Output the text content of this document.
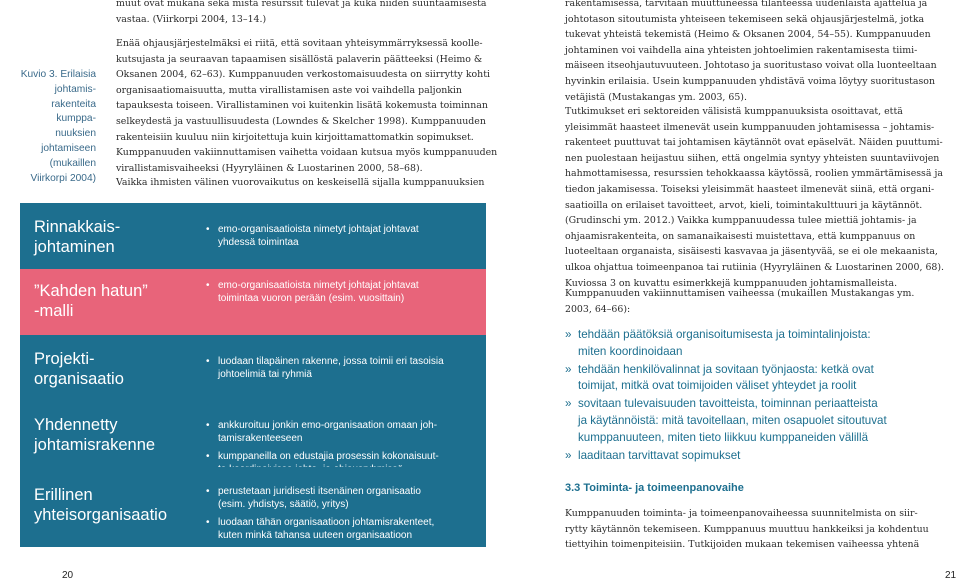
Kuvio 3. Erilaisia
johtamis-
rakenteita
kumppa-
nuuksien
johtamiseen
(mukaillen
Viirkorpi 2004)
muut ovat mukana sekä mistä resurssit tulevat ja kuka niiden suuntaamisesta
vastaa. (Viirkorpi 2004, 13–14.)
Enää ohjausjärjestelmäksi ei riitä, että sovitaan yhteisymmärryksessä koolle-
kutsujasta ja seuraavan tapaamisen sisällöstä palaverin päätteeksi (Heimo &
Oksanen 2004, 62–63). Kumppanuuden verkostomaisuudesta on siirrytty kohti
organisaatiomaisuutta, mutta virallistamisen aste voi vaihdella paljonkin
tapauksesta toiseen. Virallistaminen voi kuitenkin lisätä kokemusta toiminnan
selkeydestä ja vastuullisuudesta (Lowndes & Skelcher 1998). Kumppanuuden
rakenteisiin kuuluu niin kirjoitettuja kuin kirjoittamattomatkin sopimukset.
Kumppanuuden vakiinnuttamisen vaihetta voidaan kutsua myös kumppanuuden
virallistamisvaiheeksi (Hyyryläinen & Luostarinen 2000, 58–68).
Vaikka ihmisten välinen vuorovaikutus on keskeisellä sijalla kumppanuuksien
Rinnakkais-
johtaminen
• emo-organisaatioista nimetyt johtajat johtavat
yhdessä toimintaa
”Kahden hatun”
-malli
• emo-organisaatioista nimetyt johtajat johtavat
toimintaa vuoron perään (esim. vuosittain)
Projekti-
organisaatio
• luodaan tilapäinen rakenne, jossa toimii eri tasoisia
johtoelimiä tai ryhmiä
Yhdennetty
johtamisrakenne
• ankkuroituu jonkin emo-organisaation omaan joh-
tamisrakenteeseen
• kumppaneilla on edustajia prosessin kokonaisuut-
Erillinen
yhteisorganisaatio
• perustetaan juridisesti itsenäinen organisaatio
(esim. yhdistys, säätiö, yritys)
• luodaan tähän organisaatioon johtamisrakenteet,
kuten minkä tahansa uuteen organisaatioon
rakentamisessa, tarvitaan muuttuneessa tilanteessa uudenlaista ajattelua ja
johtotason sitoutumista yhteiseen tekemiseen sekä ohjausjärjestelmä, jotka
tukevat yhteistä tekemistä (Heimo & Oksanen 2004, 54–55). Kumppanuuden
johtaminen voi vaihdella aina yhteisten johtoelimien rakentamisesta tiimi-
mäiseen itseohjautuvuuteen. Johtotaso ja suoritustaso voivat olla luonteeltaan
hyvinkin erilaisia. Usein kumppanuuden yhdistävä voima löytyy suoritustason
vetäjistä (Mustakangas ym. 2003, 65).
Tutkimukset eri sektoreiden välisistä kumppanuuksista osoittavat, että
yleisimmät haasteet ilmenevät usein kumppanuuden johtamisessa – johtamis-
rakenteet puuttuvat tai johtamisen käytännöt ovat epäselvät. Näiden puuttumi-
nen puolestaan heijastuu siihen, että ongelmia syntyy yhteisten suuntaviivojen
hahmottamisessa, resurssien tehokkaassa käytössä, roolien ymmärtämisessä ja
tiedon jakamisessa. Toiseksi yleisimmät haasteet ilmenevät siinä, että organi-
saatioilla on erilaiset tavoitteet, arvot, kieli, toimintakulttuuri ja käytännöt.
(Grudinschi ym. 2012.) Vaikka kumppanuudessa tulee miettiä johtamis- ja
ohjaamisrakenteita, on samanaikaisesti muistettava, että kumppanuus on
luoteeltaan organaista, sisäisesti kasvavaa ja jäsentyvää, se ei ole mekaanista,
ulkoa ohjattua toimeenpanoa tai rutiinia (Hyyryläinen & Luostarinen 2000, 68).
Kuviossa 3 on kuvattu esimerkkejä kumppanuuden johtamismalleista.
Kumppanuuden vakiinnuttamisen vaiheessa (mukaillen Mustakangas ym.
2003, 64–66):
» tehdään päätöksiä organisoitumisesta ja toimintalinjoista:
miten koordinoidaan
» tehdään henkilövalinnat ja sovitaan työnjaosta: ketkä ovat
toimijat, mitkä ovat toimijoiden väliset yhteydet ja roolit
» sovitaan tulevaisuuden tavoitteista, toiminnan periaatteista
ja käytännöistä: mitä tavoitellaan, miten osapuolet sitoutuvat
kumppanuuteen, miten tieto liikkuu kumppaneiden välillä
» laaditaan tarvittavat sopimukset
3.3 Toiminta- ja toimeenpanovaihe
Kumppanuuden toiminta- ja toimeenpanovaiheessa suunnitelmista on siir-
rytty käytännön tekemiseen. Kumppanuus muuttuu hankkeiksi ja kohdentuu
tiettyihin toimenpiteisiin. Tutkijoiden mukaan tekemisen vaiheessa yhtenä
20	21
